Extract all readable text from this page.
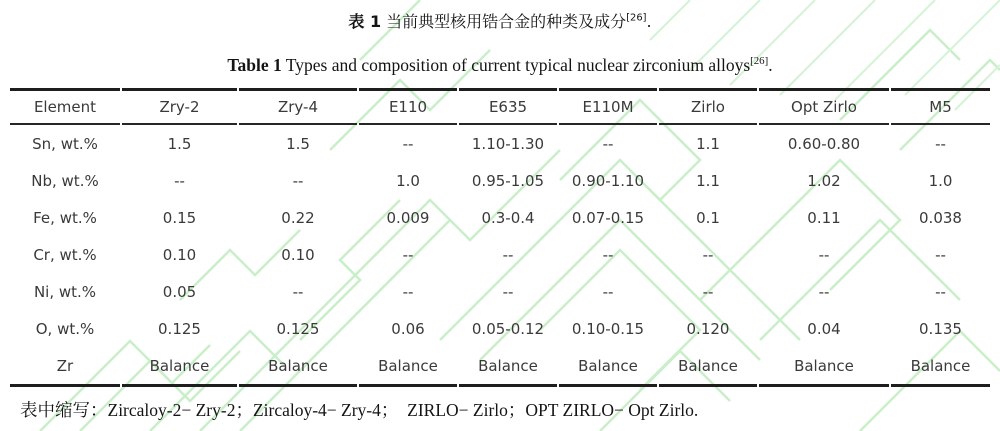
表 1 当前典型核用锆合金的种类及成分[26].
Table 1 Types and composition of current typical nuclear zirconium alloys[26].
Element	Zry-2	Zry-4	E110	E635	E110M	Zirlo	Opt Zirlo	M5
Sn, wt.%	1.5	1.5	--	1.10-1.30	--	1.1	0.60-0.80	--
Nb, wt.%	--	--	1.0	0.95-1.05	0.90-1.10	1.1	1.02	1.0
Fe, wt.%	0.15	0.22	0.009	0.3-0.4	0.07-0.15	0.1	0.11	0.038
Cr, wt.%	0.10	0.10	--	--	--	--	--	--
Ni, wt.%	0.05	--	--	--	--	--	--	--
O, wt.%	0.125	0.125	0.06	0.05-0.12	0.10-0.15	0.120	0.04	0.135
Zr	Balance	Balance	Balance	Balance	Balance	Balance	Balance	Balance
表中缩写：Zircaloy-2− Zry-2；Zircaloy-4− Zry-4；　ZIRLO− Zirlo；OPT ZIRLO− Opt Zirlo.
